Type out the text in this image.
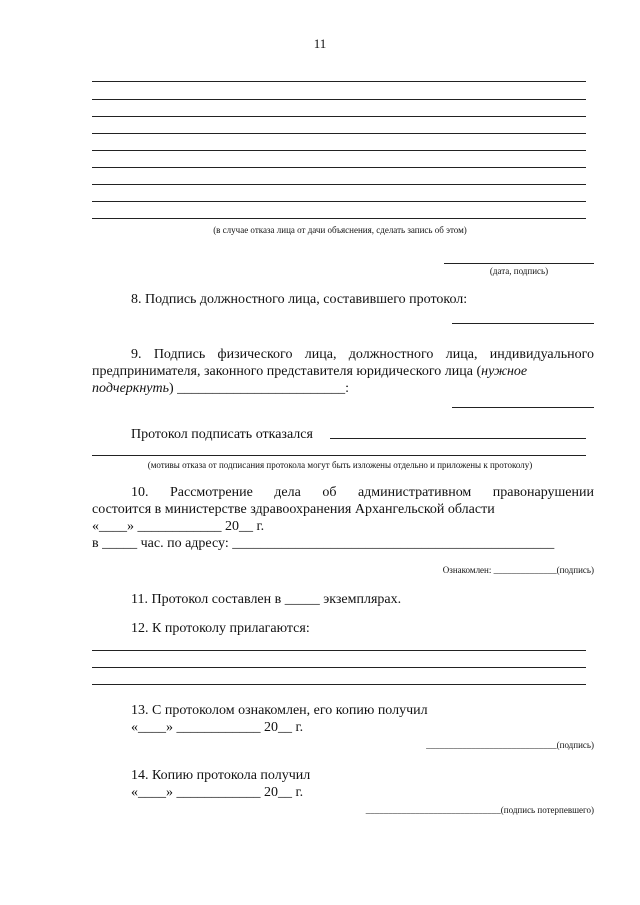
11
(в случае отказа лица от дачи объяснения, сделать запись об этом)
(дата, подпись)
8. Подпись должностного лица, составившего протокол:
9. Подпись физического лица, должностного лица, индивидуального
предпринимателя, законного представителя юридического лица (нужное
подчеркнуть) ________________________:
Протокол подписать отказался
(мотивы отказа от подписания протокола могут быть изложены отдельно и приложены к протоколу)
10. Рассмотрение дела об административном правонарушении
состоится в министерстве здравоохранения Архангельской области
«____» ____________ 20__ г.
в _____ час. по адресу: ______________________________________________
Ознакомлен: ______________(подпись)
11. Протокол составлен в _____ экземплярах.
12. К протоколу прилагаются:
13. С протоколом ознакомлен, его копию получил
«____» ____________ 20__ г.
_____________________________(подпись)
14. Копию протокола получил
«____» ____________ 20__ г.
______________________________(подпись потерпевшего)
